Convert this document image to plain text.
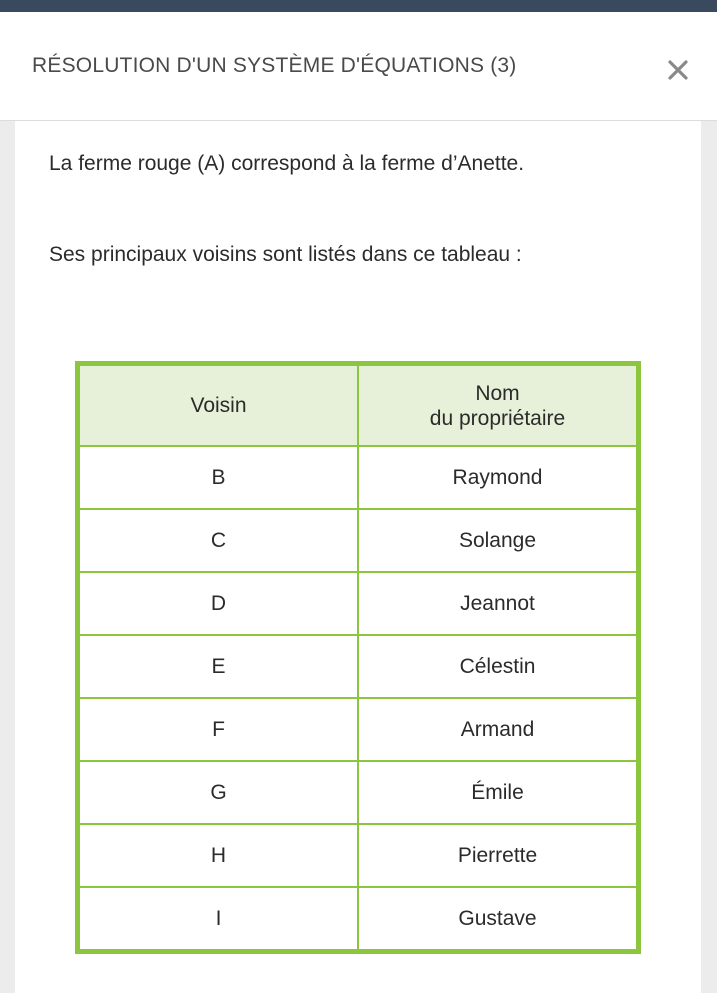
RÉSOLUTION D'UN SYSTÈME D'ÉQUATIONS (3)
La ferme rouge (A) correspond à la ferme d’Anette.
Ses principaux voisins sont listés dans ce tableau :
Voisin	Nom
du propriétaire

B	Raymond
C	Solange
D	Jeannot
E	Célestin
F	Armand
G	Émile
H	Pierrette
I	Gustave
